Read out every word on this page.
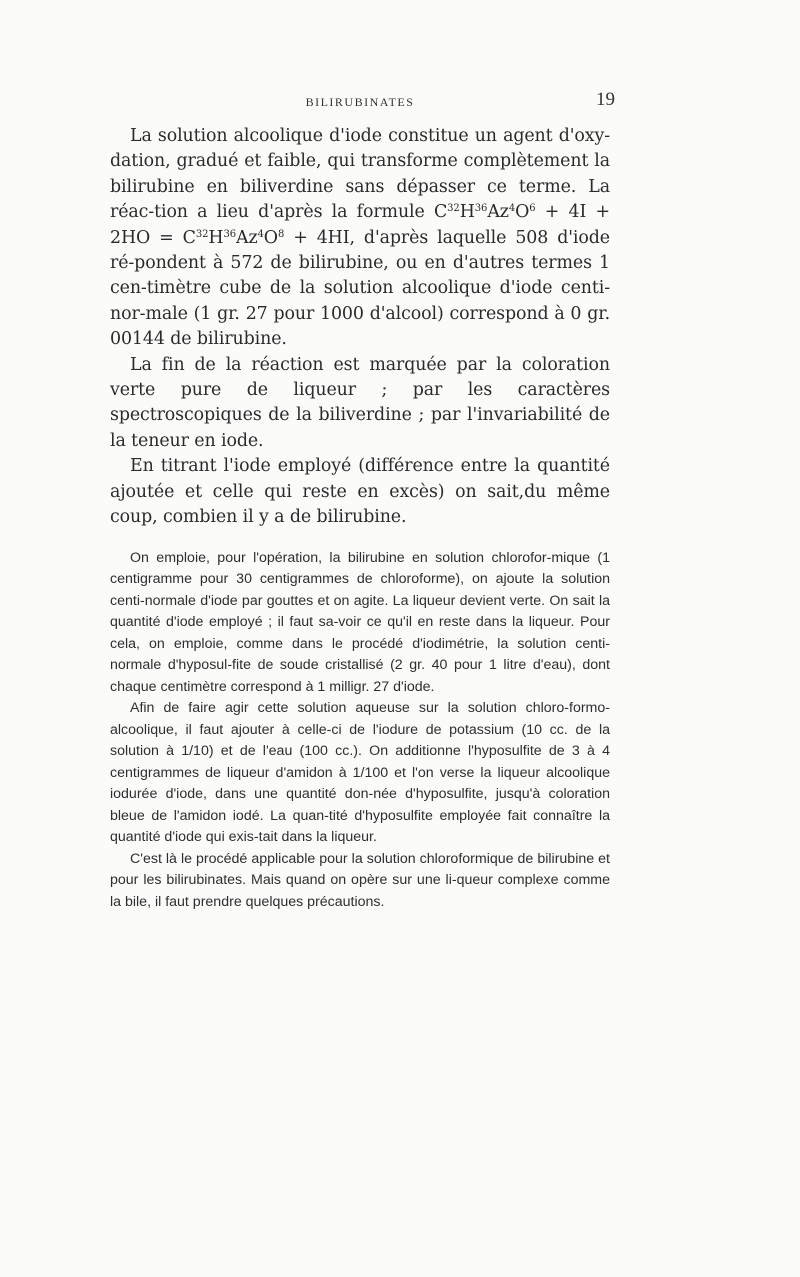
BILIRUBINATES	19

La solution alcoolique d'iode constitue un agent d'oxy-dation, gradué et faible, qui transforme complètement la bilirubine en biliverdine sans dépasser ce terme. La réac-tion a lieu d'après la formule $C^{32}H^{36}Az^4O^6 + 4I + 2HO = C^{32}H^{36}Az^4O^8 + 4HI$, d'après laquelle 508 d'iode ré-pondent à 572 de bilirubine, ou en d'autres termes 1 cen-timètre cube de la solution alcoolique d'iode centi-nor-male (1 gr. 27 pour 1000 d'alcool) correspond à 0 gr. 00144 de bilirubine.

La fin de la réaction est marquée par la coloration verte pure de liqueur ; par les caractères spectroscopiques de la biliverdine ; par l'invariabilité de la teneur en iode.

En titrant l'iode employé (différence entre la quantité ajoutée et celle qui reste en excès) on sait,du même coup, combien il y a de bilirubine.

On emploie, pour l'opération, la bilirubine en solution chlorofor-mique (1 centigramme pour 30 centigrammes de chloroforme), on ajoute la solution centi-normale d'iode par gouttes et on agite. La liqueur devient verte. On sait la quantité d'iode employé ; il faut sa-voir ce qu'il en reste dans la liqueur. Pour cela, on emploie, comme dans le procédé d'iodimétrie, la solution centi-normale d'hyposul-fite de soude cristallisé (2 gr. 40 pour 1 litre d'eau), dont chaque centimètre correspond à 1 milligr. 27 d'iode.

Afin de faire agir cette solution aqueuse sur la solution chloro-formo-alcoolique, il faut ajouter à celle-ci de l'iodure de potassium (10 cc. de la solution à 1/10) et de l'eau (100 cc.). On additionne l'hyposulfite de 3 à 4 centigrammes de liqueur d'amidon à 1/100 et l'on verse la liqueur alcoolique iodurée d'iode, dans une quantité don-née d'hyposulfite, jusqu'à coloration bleue de l'amidon iodé. La quan-tité d'hyposulfite employée fait connaître la quantité d'iode qui exis-tait dans la liqueur.

C'est là le procédé applicable pour la solution chloroformique de bilirubine et pour les bilirubinates. Mais quand on opère sur une li-queur complexe comme la bile, il faut prendre quelques précautions.
